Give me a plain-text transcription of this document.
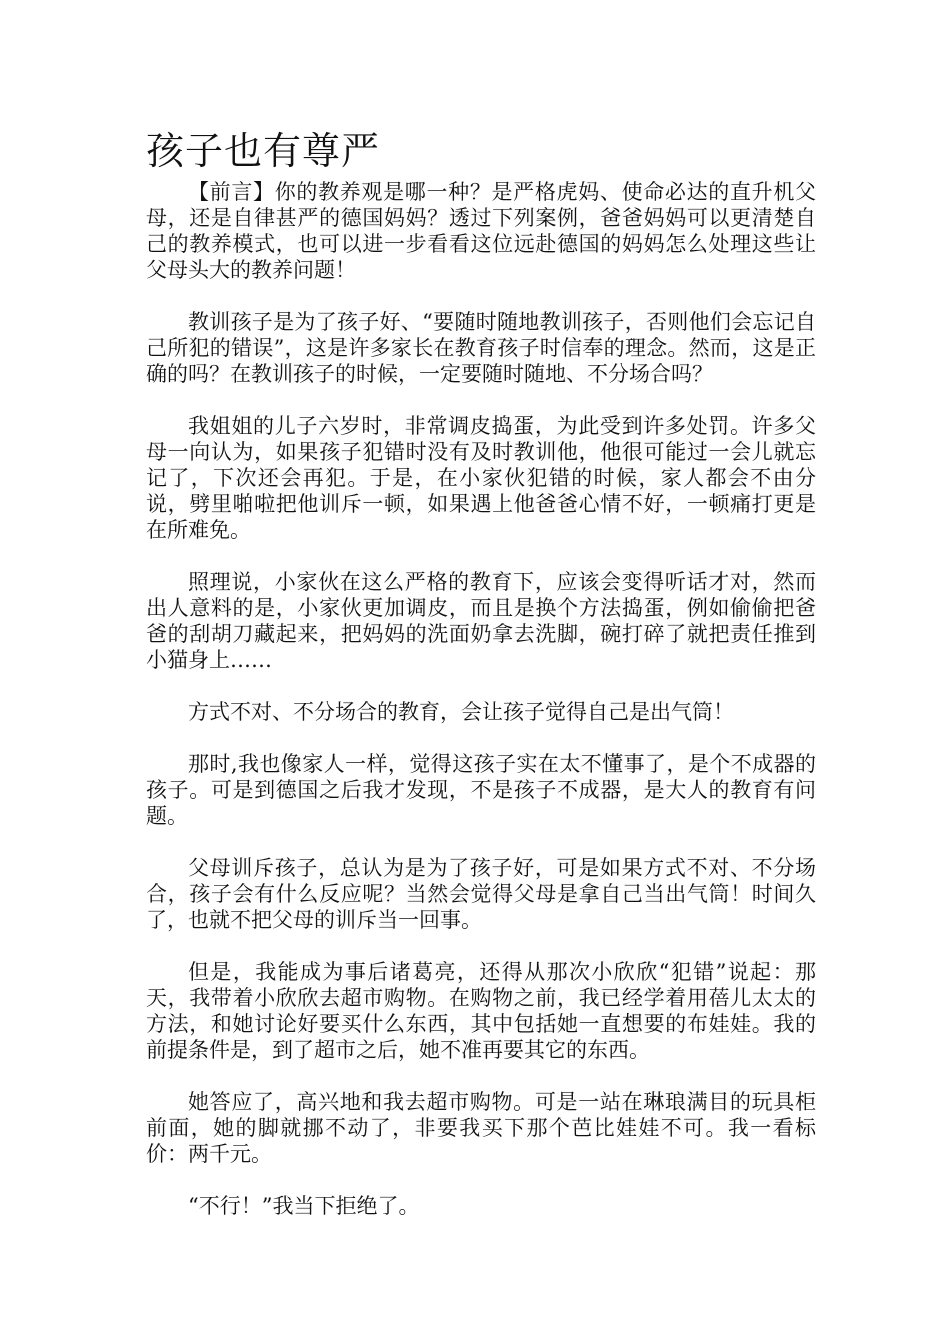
孩子也有尊严

【前言】你的教养观是哪一种？是严格虎妈、使命必达的直升机父母，还是自律甚严的德国妈妈？透过下列案例，爸爸妈妈可以更清楚自己的教养模式，也可以进一步看看这位远赴德国的妈妈怎么处理这些让父母头大的教养问题！

教训孩子是为了孩子好、“要随时随地教训孩子，否则他们会忘记自己所犯的错误”，这是许多家长在教育孩子时信奉的理念。然而，这是正确的吗？在教训孩子的时候，一定要随时随地、不分场合吗？

我姐姐的儿子六岁时，非常调皮捣蛋，为此受到许多处罚。许多父母一向认为，如果孩子犯错时没有及时教训他，他很可能过一会儿就忘记了，下次还会再犯。于是，在小家伙犯错的时候，家人都会不由分说，劈里啪啦把他训斥一顿，如果遇上他爸爸心情不好，一顿痛打更是在所难免。

照理说，小家伙在这么严格的教育下，应该会变得听话才对，然而出人意料的是，小家伙更加调皮，而且是换个方法捣蛋，例如偷偷把爸爸的刮胡刀藏起来，把妈妈的洗面奶拿去洗脚，碗打碎了就把责任推到小猫身上……

方式不对、不分场合的教育，会让孩子觉得自己是出气筒！

那时,我也像家人一样，觉得这孩子实在太不懂事了，是个不成器的孩子。可是到德国之后我才发现，不是孩子不成器，是大人的教育有问题。

父母训斥孩子，总认为是为了孩子好，可是如果方式不对、不分场合，孩子会有什么反应呢？当然会觉得父母是拿自己当出气筒！时间久了，也就不把父母的训斥当一回事。

但是，我能成为事后诸葛亮，还得从那次小欣欣“犯错”说起：那天，我带着小欣欣去超市购物。在购物之前，我已经学着用蓓儿太太的方法，和她讨论好要买什么东西，其中包括她一直想要的布娃娃。我的前提条件是，到了超市之后，她不准再要其它的东西。

她答应了，高兴地和我去超市购物。可是一站在琳琅满目的玩具柜前面，她的脚就挪不动了，非要我买下那个芭比娃娃不可。我一看标价：两千元。

“不行！”我当下拒绝了。
